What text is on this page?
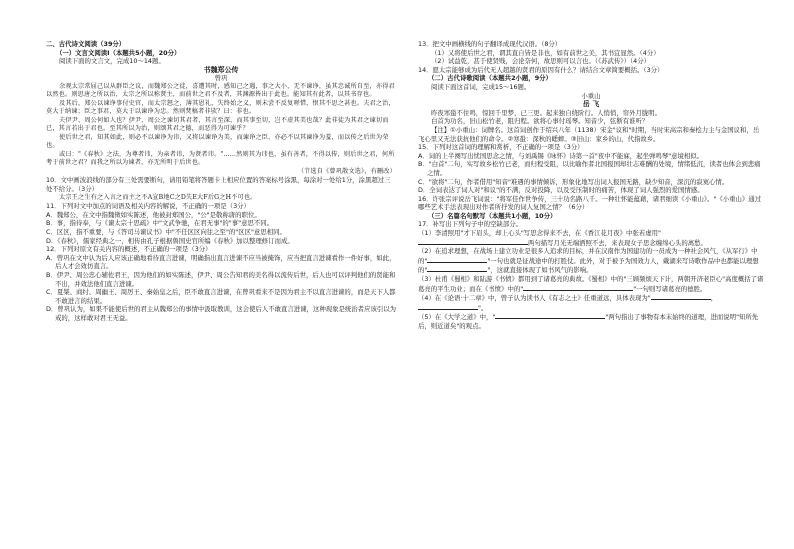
二、古代诗文阅读（39分）

（一）文言文阅读Ⅰ（本题共5小题，20分）

阅读下面的文言文，完成10～14题。

书魏郑公传

曾巩

余观太宗常屈己以从群臣之议，而魏郑公之徒，喜遭其时，感知己之遇，事之大小，无不谏诤，虽其忠诚所自至，亦得君以然也。则思唐之所以治，太宗之所以称贤主，而前世之君不及者，其渊源皆出于此也。能知其有此者，以其书存也。

及其后，郑公以谏诤事付史官，而太宗怒之，薄其恩礼，失终始之义，则未尝不反复嗟惜，恨其不思之甚也。夫君之治，莫大于纳谏；臣之事君，莫大于以谏诤为忠。然则焚稿者非欤？曰：非也。

夫伊尹、周公何如人也？伊尹、周公之谏切其君者，其言至深，而其事至切，岂不虚其美也哉？此非徒为其君之谏切而已，其言若出于君也。至其所以为治，则颂其君之德，而恶得为可谏乎？

使后世之君，知其如此，则必不以谏诤为讳，又将以谏诤为美，而谏诤之臣，亦必不以其谏诤为羞，而以传之后世为荣也。

或曰："《春秋》之法，为尊者讳，为亲者讳，为贤者讳。"……然则其为讳也，虽有善者，不得以传，则后世之君，何所考于前世之君？而我之所以为谏者，亦无所明于后世也。

（节选自《曾巩散文选》，有删改）

10．文中画波浪线的部分有三处需要断句，请用铅笔将答题卡上相应位置的答案标号涂黑，每涂对一处给1分，涂黑超过三处不给分。（3分）

太宗王之生有之入言之而主之不A宣B地C之D失E大F后G之H不可也。

11．下列对文中加点的词语及相关内容的解说，不正确的一项是（3分）

A．魏郑公，在文中指魏徵如实陈述，他被封郑国公，"公"是敬称唐的职位。

B．事，指待奉，与《谏太宗十思疏》中"文武争驰，在君无事"的"事"意思不同。

C．区区，指不重要，与《答司马谏议书》中"不任区区向往之至"的"区区"意思相同。

D．《春秋》，儒家经典之一，相传由孔子根据鲁国史官所编《春秋》加以整理修订而成。

12．下列对原文有关内容的概述，不正确的一项是（3分）

A．曾巩在文中认为后人应该正确地看待直言进谏，明确指出直言进谏不应当被掩饰，应当把直言进谏看作一件好事，如此，后人才会效仿直言。

B．伊尹、周公忠心辅佐君王，因为他们的如实陈述，伊尹、周公告知君的美名得以流传后世，后人也可以评判他们的贤能和不出，并效法他们直言进谏。

C．夏桀、商纣、周幽王、周厉王、秦始皇之后，臣不敢直言进谏，在曾巩看来不是因为君主不以直言进谏的，而是天下人都不敢进言的结果。

D．曾巩认为，如果不能使后世的君主从魏郑公的事情中汲取教训，这会使后人不敢直言进谏，这种现象是统治者应该引以为戒的，这样敢对君王无益。

13．把文中画横线的句子翻译成现代汉语。（8分）

（1）又将使后世之君，谓其直自皆是非也，如有前世之美，其书宜显然。（4分）

（2）试益乾，甚于使贤贱，会论奈何，故思则可以言也。（《苏武传》）（4分）

14．愿太宗能够成为后代无人超越的贤君的原因有什么？请结合文章简要概括。（3分）

（二）古代诗歌阅读（本题共2小题，9分）

阅读下面这首词，完成15～16题。

小重山

岳 飞

昨夜寒蛩不住鸣，惊回千里梦，已三更。起来独自绕阶行。人悄悄，帘外月胧明。

白首为功名，旧山松竹老，阻归程。欲将心事付瑶琴。知音少，弦断有谁听？

【注】①小重山：词牌名。这首词创作于绍兴八年（1138）宋金"议和"时期，当时宋高宗和秦桧力主与金国议和，岳飞心里又无法获抗他们的命令。②寒蛩：深秋的蟋蟀。③旧山：家乡的山，代指故乡。

15．下列对这首词的理解和赏析，不正确的一项是（3分）

A．词的上半阕写出忧国思念之情，与刘禹锡《咏怀》诗第一首"夜中不能寐，起坐弹鸣琴"意境相似。

B．"白首"二句，实写故乡松竹已老，而归程受阻，以比喻作者北国报国却壮志难酬的处境，情绪低沉，读者也体会到悲痛之情。

C．"欲将"二句，作者借用"知音"难遇的事情倾诉，形象化地写出词人报国无路，缺少知音，深沉的寂寞心情。

D．全词表达了词人对"和议"的不满，反对投降，以及受压制时的痛苦，体现了词人强烈的爱国情感。

16．许张宗评说岳飞词说："将军佳作世争传，三十功名路八千。一种壮怀能蕴藉，诸君细读《小重山》。"《小重山》通过哪些艺术手法表现出对作者所抒发的词人复国之情？（6分）

（三）名篇名句默写（本题共1小题，10分）

17．补写出下列句子中的空缺部分。

（1）李清照用"才下眉头，却上心头"写思念得来不去，在《香江花月夜》中张若虚用"两句描写月光无端洒照不去，来表现女子思念缠绵心头的离愁。

（2）在追求理想，在战场上建立功业是很多人追求的目标，并在汉南作为国建功的一员成为一种社会风气，《从军行》中的"	"一句也就是征战途中的打胜仗。此外，对于被予为国效力人，戴湖来写诗歌作品中也都能以理想的"	"，这就直接体现了如书风气的影响。

（3）杜甫《蜀相》和陆游《书愤》都用到了诸葛亮的典故。《蜀相》中的"三顾频烦天下计，两朝开济老臣心"高度概括了诸葛亮的平生功业；而在《书愤》中的"	"一句则写诸葛亮的德胜。

（4）在《论语·十二章》中，曾子认为读书人《有志之士》任重道远，具体表现为"	，"。

（5）在《大学之道》中，"	"两句指出了事物有本末始终的道理，进而说明"知所先后，则近道矣"的观点。
